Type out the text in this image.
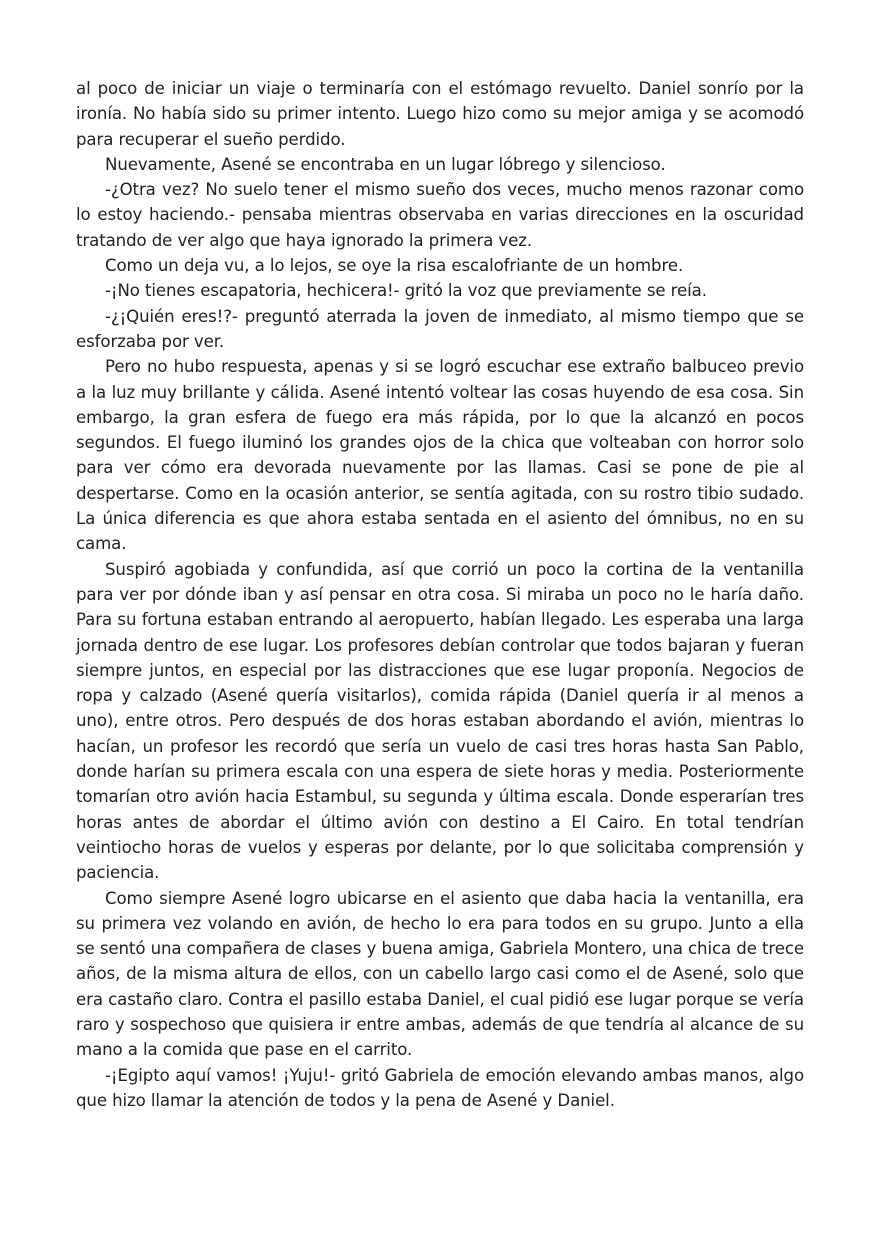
al poco de iniciar un viaje o terminaría con el estómago revuelto. Daniel sonrío por la ironía. No había sido su primer intento. Luego hizo como su mejor amiga y se acomodó para recuperar el sueño perdido.

Nuevamente, Asené se encontraba en un lugar lóbrego y silencioso.

-¿Otra vez? No suelo tener el mismo sueño dos veces, mucho menos razonar como lo estoy haciendo.- pensaba mientras observaba en varias direcciones en la oscuridad tratando de ver algo que haya ignorado la primera vez.

Como un deja vu, a lo lejos, se oye la risa escalofriante de un hombre.

-¡No tienes escapatoria, hechicera!- gritó la voz que previamente se reía.

-¿¡Quién eres!?- preguntó aterrada la joven de inmediato, al mismo tiempo que se esforzaba por ver.

Pero no hubo respuesta, apenas y si se logró escuchar ese extraño balbuceo previo a la luz muy brillante y cálida. Asené intentó voltear las cosas huyendo de esa cosa. Sin embargo, la gran esfera de fuego era más rápida, por lo que la alcanzó en pocos segundos. El fuego iluminó los grandes ojos de la chica que volteaban con horror solo para ver cómo era devorada nuevamente por las llamas. Casi se pone de pie al despertarse. Como en la ocasión anterior, se sentía agitada, con su rostro tibio sudado. La única diferencia es que ahora estaba sentada en el asiento del ómnibus, no en su cama.

Suspiró agobiada y confundida, así que corrió un poco la cortina de la ventanilla para ver por dónde iban y así pensar en otra cosa. Si miraba un poco no le haría daño. Para su fortuna estaban entrando al aeropuerto, habían llegado. Les esperaba una larga jornada dentro de ese lugar. Los profesores debían controlar que todos bajaran y fueran siempre juntos, en especial por las distracciones que ese lugar proponía. Negocios de ropa y calzado (Asené quería visitarlos), comida rápida (Daniel quería ir al menos a uno), entre otros. Pero después de dos horas estaban abordando el avión, mientras lo hacían, un profesor les recordó que sería un vuelo de casi tres horas hasta San Pablo, donde harían su primera escala con una espera de siete horas y media. Posteriormente tomarían otro avión hacia Estambul, su segunda y última escala. Donde esperarían tres horas antes de abordar el último avión con destino a El Cairo. En total tendrían veintiocho horas de vuelos y esperas por delante, por lo que solicitaba comprensión y paciencia.

Como siempre Asené logro ubicarse en el asiento que daba hacia la ventanilla, era su primera vez volando en avión, de hecho lo era para todos en su grupo. Junto a ella se sentó una compañera de clases y buena amiga, Gabriela Montero, una chica de trece años, de la misma altura de ellos, con un cabello largo casi como el de Asené, solo que era castaño claro. Contra el pasillo estaba Daniel, el cual pidió ese lugar porque se vería raro y sospechoso que quisiera ir entre ambas, además de que tendría al alcance de su mano a la comida que pase en el carrito.

-¡Egipto aquí vamos! ¡Yuju!- gritó Gabriela de emoción elevando ambas manos, algo que hizo llamar la atención de todos y la pena de Asené y Daniel.
